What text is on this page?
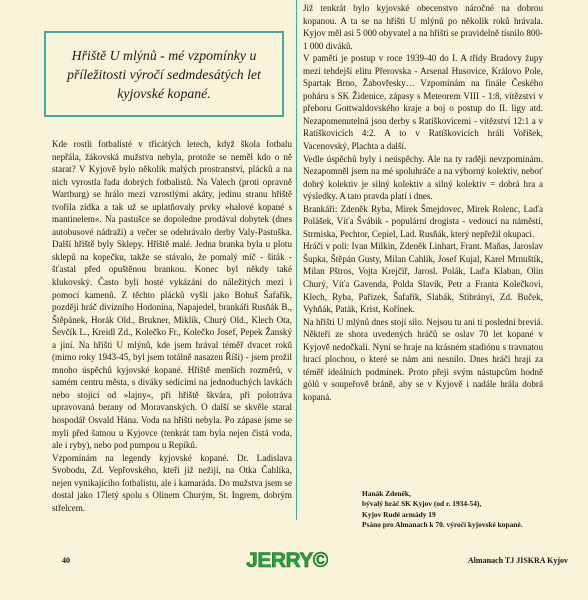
Hřiště U mlýnů - mé vzpomínky u příležitosti výročí sedmdesátých let kyjovské kopané.

Kde rostli fotbalisté v třicátých letech, když škola fotbalu nepřála, žákovská mužstva nebyla, protože se neměl kdo o ně starat? V Kyjově bylo několik malých prostranství, plácků a na nich vyrostla řada dobrých fotbalistů. Na Valech (proti opravně Wartburg) se hrálo mezi vzrostlými akáty, jedinu stranu hřiště tvořila zídka a tak už se uplatňovaly prvky »halové kopané s mantinelem«. Na pastušce se dopoledne prodával dobytek (dnes autobusové nádraží) a večer se odehrávalo derby Valy-Pastuška. Další hřiště byly Sklepy. Hřiště malé. Jedna branka byla u plotu sklepů na kopečku, takže se stávalo, že pomalý míč - šiták - šťastal před opuštěnou brankou. Konec byl někdy také klukovský. Často byli hosté vykázáni do náležitých mezí i pomocí kamenů. Z těchto plácků vyšli jako Bohuš Šafařík, později hráč divizního Hodonína, Napajedel, brankáři Rusňák B., Štěpánek, Horák Old., Brukner, Miklík, Churý Old., Klech Ota, Ševčík L., Kreidl Zd., Kolečko Fr., Kolečko Josef, Pepek Žanský a jiní. Na hřišti U mlýnů, kde jsem hrával téměř dvacet roků (mimo roky 1943-45, byl jsem totálně nasazen Říši) - jsem prožil mnoho úspěchů kyjovské kopané. Hřiště menších rozměrů, v samém centru města, s diváky sedícími na jednoduchých lavkách nebo stojící od »lajny«, při hřiště škvára, při polotráva upravovaná berany od Moravanských. O další se skvěle staral hospodář Osvald Hána. Voda na hřišti nebyla. Po zápase jsme se myli před šatnou u Kyjovce (tenkrát tam byla nejen čistá voda, ale i ryby), nebo pod pumpou u Repíků.

Vzpomínám na legendy kyjovské kopané. Dr. Ladislava Svobodu, Zd. Vepřovského, kteří již nežijí, na Otka Čahlíka, nejen vynikajícího fotbalistu, ale i kamaráda. Do mužstva jsem se dostal jako 17letý spolu s Olinem Churým, St. Ingrem, dobrým střelcem.

Již tenkrát bylo kyjovské obecenstvo náročné na dobrou kopanou. A ta se na hřišti U mlýnů po několik roků hrávala. Kyjov měl asi 5 000 obyvatel a na hřišti se pravidelně tísnilo 800-1 000 diváků.

V paměti je postup v roce 1939-40 do I. A třídy Bradovy župy mezi tehdejší elitu Přerovska - Arsenal Husovice, Královo Pole, Spartak Brno, Žabovřesky… Vzpomínám na finále Českého poháru s SK Židenice, zápasy s Meteorem VIII - 1:8, vítězství v přeboru Gottwaldovského kraje a boj o postup do II. ligy atd. Nezapomenutelná jsou derby s Ratíškovicemi - vítězství 12:1 a v Ratíškovicích 4:2. A to v Ratíškovicích hráli Vořišek, Vacenovský, Plachta a další.

Vedle úspěchů byly i neúspěchy. Ale na ty raději nevzpomínám. Nezapomněl jsem na mé spoluhráče a na výborný kolektiv, neboť dobrý kolektiv je silný kolektiv a silný kolektiv = dobrá hra a výsledky. A tato pravda platí i dnes.

Brankáři: Zdeněk Ryba, Mirek Šmejdovec, Mirek Rolenc, Laďa Polášek, Víťa Švábík - populární drogista - vedoucí na náměstí, Strmiska, Pechtor, Cepiel, Lad. Rusňák, který nepřežil okupaci.

Hráči v poli: Ivan Milkin, Zdeněk Linhart, Frant. Maňas, Jaroslav Šupka, Štěpán Gusty, Milan Cahlík, Josef Kujal, Karel Mrnuštík, Milan Pštros, Vojta Krejčíř, Jarosl. Polák, Laďa Klaban, Olin Churý, Víťa Gavenda, Polda Slavík, Petr a Franta Kolečkovi, Klech, Ryba, Pařízek, Šafařík, Slabák, Stibrányi, Zd. Buček, Vyhňák, Paták, Krist, Kořínek.

Na hřišti U mlýnů dnes stojí silo. Nejsou tu ani ti poslední breviá. Někteří ze shora uvedených hráčů se oslav 70 let kopané v Kyjově nedočkali. Nyní se hraje na krásném stadiónu s travnatou hrací plochou, o které se nám ani nesnilo. Dnes hráči hrají za téměř ideálních podmínek. Proto přeji svým nástupcům hodně gólů v soupeřově bráně, aby se v Kyjově i nadále hrála dobrá kopaná.

Hanák Zdeněk,
bývalý hráč SK Kyjov (od r. 1934-54),
Kyjov Rudé armády 19
Psáno pro Almanach k 70. výročí kyjovské kopané.
40	JERRY©	Almanach TJ JISKRA Kyjov
